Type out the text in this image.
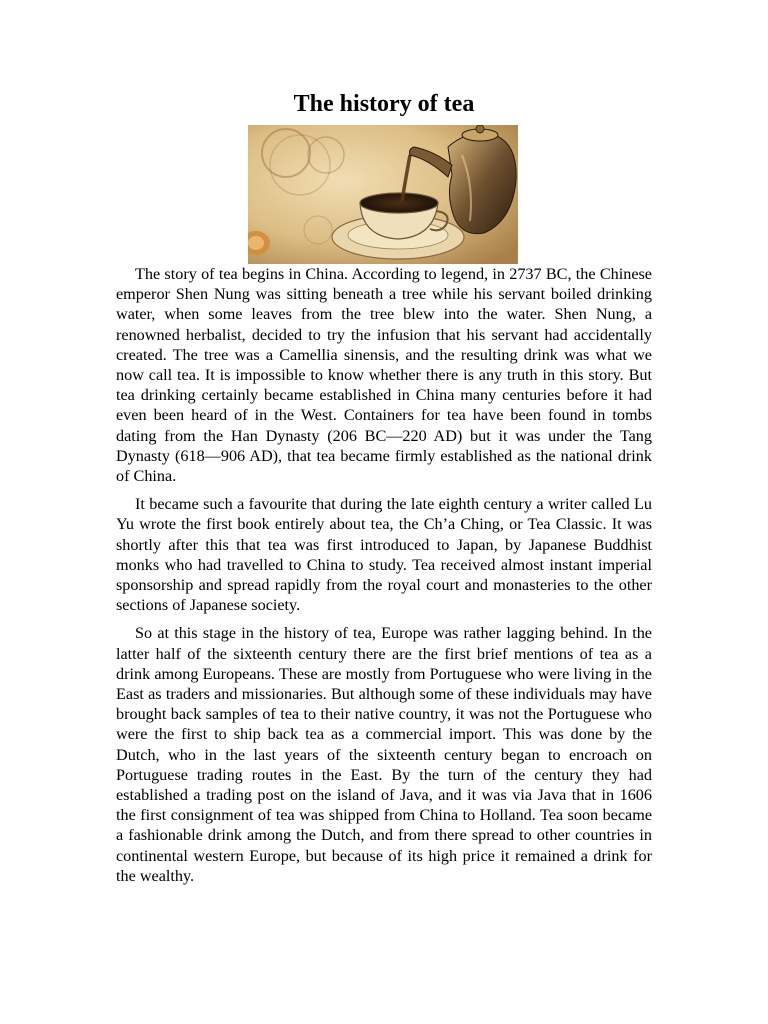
The history of tea

The story of tea begins in China. According to legend, in 2737 BC, the Chinese emperor Shen Nung was sitting beneath a tree while his servant boiled drinking water, when some leaves from the tree blew into the water. Shen Nung, a renowned herbalist, decided to try the infusion that his servant had accidentally created. The tree was a Camellia sinensis, and the resulting drink was what we now call tea. It is impossible to know whether there is any truth in this story. But tea drinking certainly became established in China many centuries before it had even been heard of in the West. Containers for tea have been found in tombs dating from the Han Dynasty (206 BC—220 AD) but it was under the Tang Dynasty (618—906 AD), that tea became firmly established as the national drink of China.

It became such a favourite that during the late eighth century a writer called Lu Yu wrote the first book entirely about tea, the Ch’a Ching, or Tea Classic. It was shortly after this that tea was first introduced to Japan, by Japanese Buddhist monks who had travelled to China to study. Tea received almost instant imperial sponsorship and spread rapidly from the royal court and monasteries to the other sections of Japanese society.

So at this stage in the history of tea, Europe was rather lagging behind. In the latter half of the sixteenth century there are the first brief mentions of tea as a drink among Europeans. These are mostly from Portuguese who were living in the East as traders and missionaries. But although some of these individuals may have brought back samples of tea to their native country, it was not the Portuguese who were the first to ship back tea as a commercial import. This was done by the Dutch, who in the last years of the sixteenth century began to encroach on Portuguese trading routes in the East. By the turn of the century they had established a trading post on the island of Java, and it was via Java that in 1606 the first consignment of tea was shipped from China to Holland. Tea soon became a fashionable drink among the Dutch, and from there spread to other countries in continental western Europe, but because of its high price it remained a drink for the wealthy.
